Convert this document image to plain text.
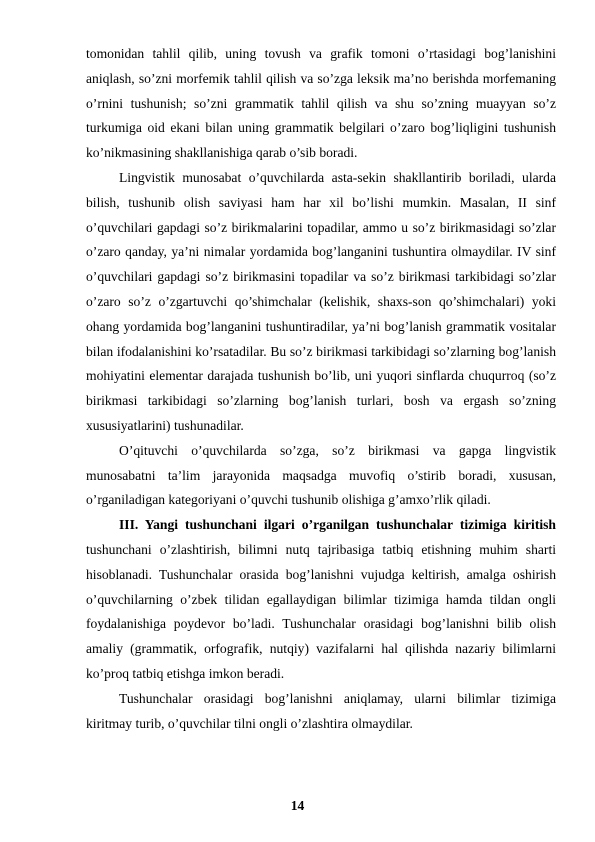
tomonidan tahlil qilib, uning tovush va grafik tomoni o’rtasidagi bog’lanishini aniqlash, so’zni morfemik tahlil qilish va so’zga leksik ma’no berishda morfemaning o’rnini tushunish; so’zni grammatik tahlil qilish va shu so’zning muayyan so’z turkumiga oid ekani bilan uning grammatik belgilari o’zaro bog’liqligini tushunish ko’nikmasining shakllanishiga qarab o’sib boradi.

Lingvistik munosabat o’quvchilarda asta-sekin shakllantirib boriladi, ularda bilish, tushunib olish saviyasi ham har xil bo’lishi mumkin. Masalan, II sinf o’quvchilari gapdagi so’z birikmalarini topadilar, ammo u so’z birikmasidagi so’zlar o’zaro qanday, ya’ni nimalar yordamida bog’langanini tushuntira olmaydilar. IV sinf o’quvchilari gapdagi so’z birikmasini topadilar va so’z birikmasi tarkibidagi so’zlar o’zaro so’z o’zgartuvchi qo’shimchalar (kelishik, shaxs-son qo’shimchalari) yoki ohang yordamida bog’langanini tushuntiradilar, ya’ni bog’lanish grammatik vositalar bilan ifodalanishini ko’rsatadilar. Bu so’z birikmasi tarkibidagi so’zlarning bog’lanish mohiyatini elementar darajada tushunish bo’lib, uni yuqori sinflarda chuqurroq (so’z birikmasi tarkibidagi so’zlarning bog’lanish turlari, bosh va ergash so’zning xususiyatlarini) tushunadilar.

O’qituvchi o’quvchilarda so’zga, so’z birikmasi va gapga lingvistik munosabatni ta’lim jarayonida maqsadga muvofiq o’stirib boradi, xususan, o’rganiladigan kategoriyani o’quvchi tushunib olishiga g’amxo’rlik qiladi.

III. Yangi tushunchani ilgari o’rganilgan tushunchalar tizimiga kiritish tushunchani o’zlashtirish, bilimni nutq tajribasiga tatbiq etishning muhim sharti hisoblanadi. Tushunchalar orasida bog’lanishni vujudga keltirish, amalga oshirish o’quvchilarning o’zbek tilidan egallaydigan bilimlar tizimiga hamda tildan ongli foydalanishiga poydevor bo’ladi. Tushunchalar orasidagi bog’lanishni bilib olish amaliy (grammatik, orfografik, nutqiy) vazifalarni hal qilishda nazariy bilimlarni ko’proq tatbiq etishga imkon beradi.

Tushunchalar orasidagi bog’lanishni aniqlamay, ularni bilimlar tizimiga kiritmay turib, o’quvchilar tilni ongli o’zlashtira olmaydilar.

14
